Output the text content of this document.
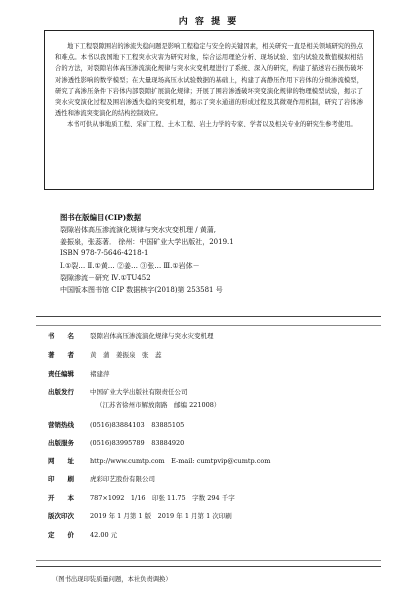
内 容 提 要

地下工程裂隙围岩的渗流失稳问题是影响工程稳定与安全的关键因素，相关研究一直是相关领域研究的热点和难点。本书以我国地下工程突水灾害为研究对象，综合运用理论分析、现场试验、室内试验及数值模拟相结合的方法，对裂隙岩体高压渗流演化规律与突水灾变机理进行了系统、深入的研究，构建了描述岩石损伤破坏对渗透性影响的数学模型；在大量现场高压水试验数据的基础上，构建了高静压作用下岩体的分级渗流模型，研究了高渗压条件下岩体内部裂隙扩展演化规律；开展了围岩渗透破坏突变演化规律的物理模型试验，揭示了突水灾变演化过程及围岩渗透失稳的突变机理，揭示了突水通道的形成过程及其微观作用机制，研究了岩体渗透性和渗流突变演化的结构控制效应。

本书可供从事地质工程、采矿工程、土木工程、岩土力学的专家、学者以及相关专业的研究生参考使用。

图书在版编目(CIP)数据
裂隙岩体高压渗流演化规律与突水灾变机理 / 黄蒲,
姜振泉，张蕊著． 徐州：中国矿业大学出版社，2019.1
ISBN 978-7-5646-4218-1
Ⅰ.①裂… Ⅱ.①黄… ②姜… ③张… Ⅲ.①岩体－
裂隙渗流－研究 Ⅳ.①TU452
中国版本图书馆 CIP 数据核字(2018)第 253581 号
书　　名 裂隙岩体高压渗流演化规律与突水灾变机理
著　　者 黄　蒲　姜振泉　张　蕊
责任编辑 褚建萍
出版发行 中国矿业大学出版社有限责任公司
（江苏省徐州市解放南路　邮编 221008）
营销热线 (0516)83884103　83885105
出版服务 (0516)83995789　83884920
网　　址 http://www.cumtp.com　E-mail: cumtpvip@cumtp.com
印　　刷 虎彩印艺股份有限公司
开　　本 787×1092　1/16　印张 11.75　字数 294 千字
版次印次 2019 年 1 月第 1 版　2019 年 1 月第 1 次印刷
定　　价 42.00 元
（图书出现印装质量问题，本社负责调换）
